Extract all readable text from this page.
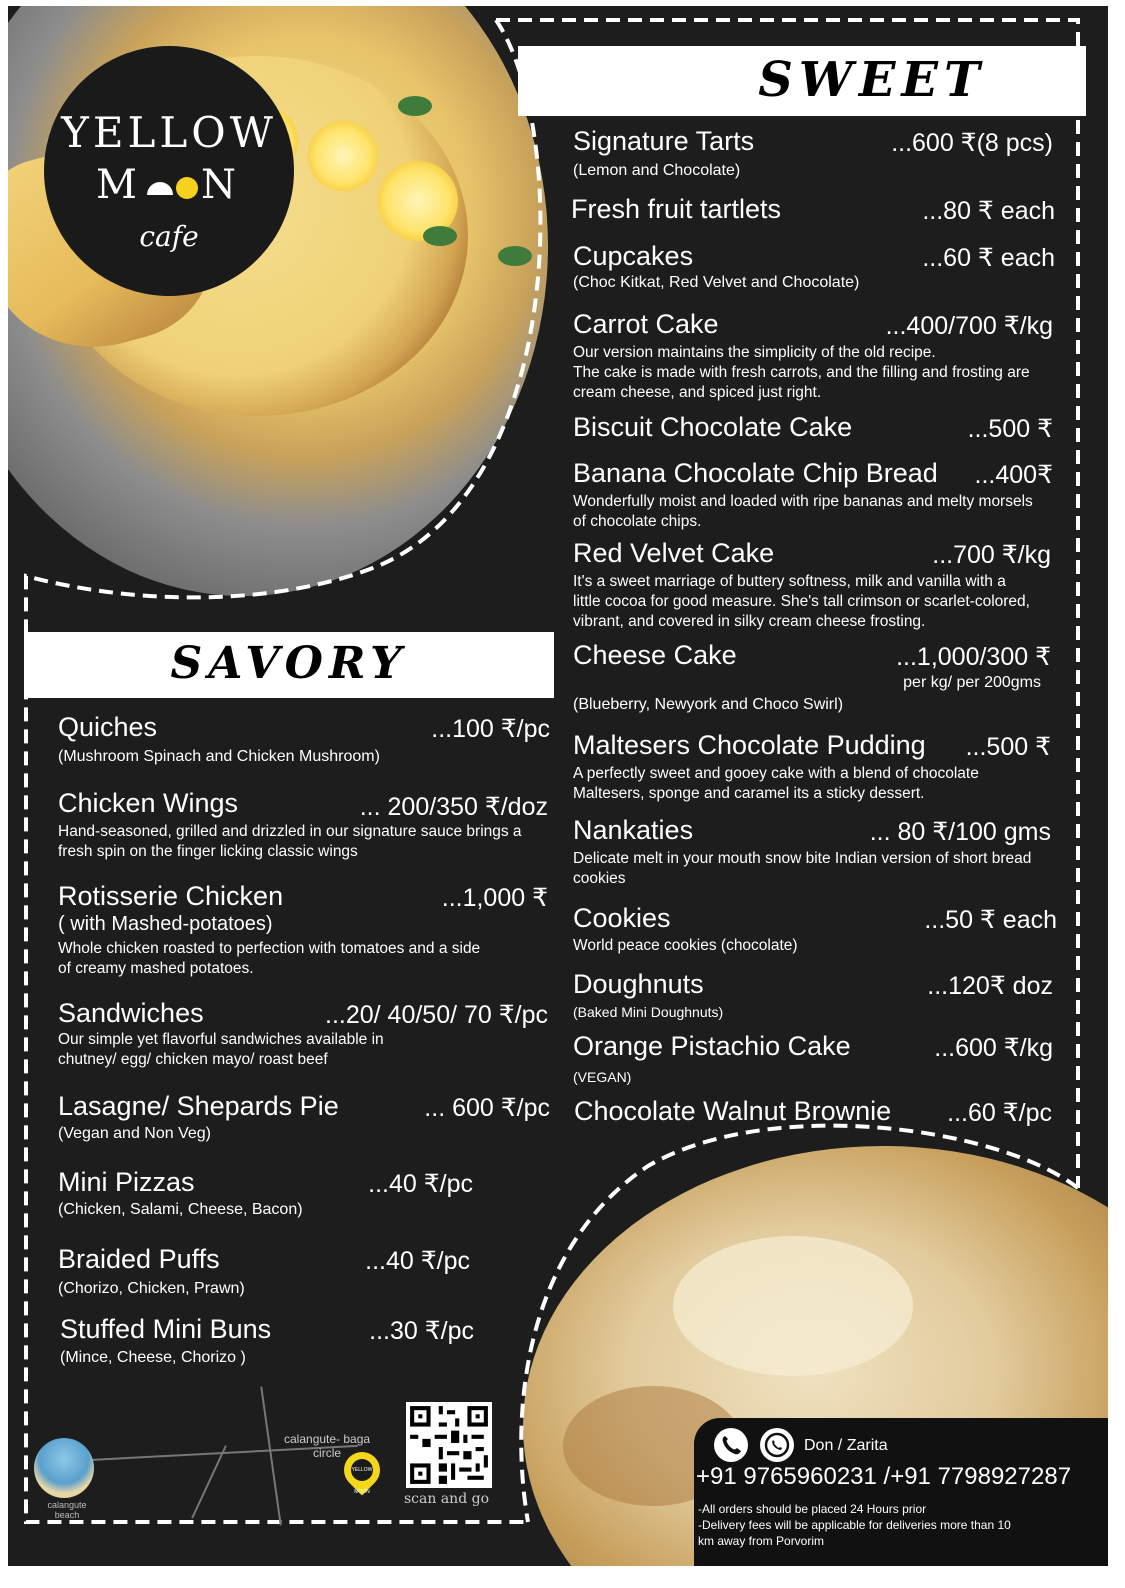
YELLOW
M N
cafe
SWEET
SAVORY
Signature Tarts	...600 ₹(8 pcs)
(Lemon and Chocolate)
Fresh fruit tartlets	...80 ₹ each
Cupcakes	...60 ₹ each
(Choc Kitkat, Red Velvet and Chocolate)
Carrot Cake	...400/700 ₹/kg
Our version maintains the simplicity of the old recipe.
The cake is made with fresh carrots, and the filling and frosting are
cream cheese, and spiced just right.
Biscuit Chocolate Cake	...500 ₹
Banana Chocolate Chip Bread ...400₹
Wonderfully moist and loaded with ripe bananas and melty morsels
of chocolate chips.
Red Velvet Cake	...700 ₹/kg
It's a sweet marriage of buttery softness, milk and vanilla with a
little cocoa for good measure. She's tall crimson or scarlet-colored,
vibrant, and covered in silky cream cheese frosting.
Cheese Cake	...1,000/300 ₹
per kg/ per 200gms
(Blueberry, Newyork and Choco Swirl)
Maltesers Chocolate Pudding ...500 ₹
A perfectly sweet and gooey cake with a blend of chocolate
Maltesers, sponge and caramel its a sticky dessert.
Nankaties	... 80 ₹/100 gms
Delicate melt in your mouth snow bite Indian version of short bread
cookies
Cookies	...50 ₹ each
World peace cookies (chocolate)
Doughnuts	...120₹ doz
(Baked Mini Doughnuts)
Orange Pistachio Cake	...600 ₹/kg
(VEGAN)
Chocolate Walnut Brownie ...60 ₹/pc
Quiches	...100 ₹/pc
(Mushroom Spinach and Chicken Mushroom)
Chicken Wings	... 200/350 ₹/doz
Hand-seasoned, grilled and drizzled in our signature sauce brings a
fresh spin on the finger licking classic wings
Rotisserie Chicken	...1,000 ₹
( with Mashed-potatoes)
Whole chicken roasted to perfection with tomatoes and a side
of creamy mashed potatoes.
Sandwiches	...20/ 40/50/ 70 ₹/pc
Our simple yet flavorful sandwiches available in
chutney/ egg/ chicken mayo/ roast beef
Lasagne/ Shepards Pie	... 600 ₹/pc
(Vegan and Non Veg)
Mini Pizzas	...40 ₹/pc
(Chicken, Salami, Cheese, Bacon)
Braided Puffs	...40 ₹/pc
(Chorizo, Chicken, Prawn)
Stuffed Mini Buns	...30 ₹/pc
(Mince, Cheese, Chorizo )
calangute
beach
calangute- baga
circle
YELLOW MOON scan and go
Don / Zarita
+91 9765960231 /+91 7798927287
-All orders should be placed 24 Hours prior
-Delivery fees will be applicable for deliveries more than 10
km away from Porvorim
